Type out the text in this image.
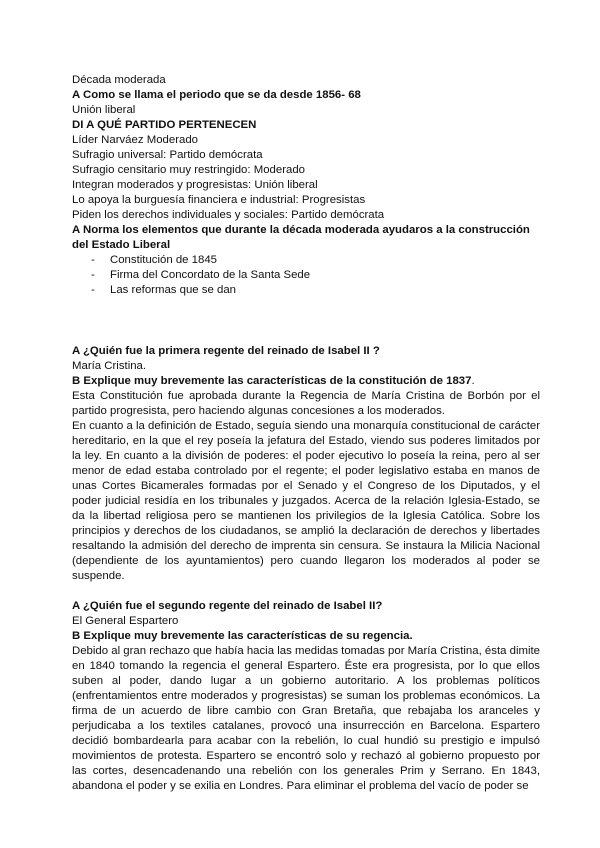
Década moderada

A Como se llama el periodo que se da desde 1856- 68

Unión liberal

DI A QUÉ PARTIDO PERTENECEN

Líder Narváez Moderado

Sufragio universal: Partido demócrata

Sufragio censitario muy restringido: Moderado

Integran moderados y progresistas: Unión liberal

Lo apoya la burguesía financiera e industrial: Progresistas

Piden los derechos individuales y sociales: Partido demócrata

A Norma los elementos que durante la década moderada ayudaros a la construcción

del Estado Liberal

- Constitución de 1845
- Firma del Concordato de la Santa Sede
- Las reformas que se dan

A ¿Quién fue la primera regente del reinado de Isabel II ?

María Cristina.

B Explique muy brevemente las características de la constitución de 1837.

Esta Constitución fue aprobada durante la Regencia de María Cristina de Borbón por el partido progresista, pero haciendo algunas concesiones a los moderados.

En cuanto a la definición de Estado, seguía siendo una monarquía constitucional de carácter hereditario, en la que el rey poseía la jefatura del Estado, viendo sus poderes limitados por la ley. En cuanto a la división de poderes: el poder ejecutivo lo poseía la reina, pero al ser menor de edad estaba controlado por el regente; el poder legislativo estaba en manos de unas Cortes Bicamerales formadas por el Senado y el Congreso de los Diputados, y el poder judicial residía en los tribunales y juzgados. Acerca de la relación Iglesia-Estado, se da la libertad religiosa pero se mantienen los privilegios de la Iglesia Católica. Sobre los principios y derechos de los ciudadanos, se amplió la declaración de derechos y libertades resaltando la admisión del derecho de imprenta sin censura. Se instaura la Milicia Nacional (dependiente de los ayuntamientos) pero cuando llegaron los moderados al poder se suspende.

A ¿Quién fue el segundo regente del reinado de Isabel II?

El General Espartero

B Explique muy brevemente las características de su regencia.

Debido al gran rechazo que había hacia las medidas tomadas por María Cristina, ésta dimite en 1840 tomando la regencia el general Espartero. Éste era progresista, por lo que ellos suben al poder, dando lugar a un gobierno autoritario. A los problemas políticos (enfrentamientos entre moderados y progresistas) se suman los problemas económicos. La firma de un acuerdo de libre cambio con Gran Bretaña, que rebajaba los aranceles y perjudicaba a los textiles catalanes, provocó una insurrección en Barcelona. Espartero decidió bombardearla para acabar con la rebelión, lo cual hundió su prestigio e impulsó movimientos de protesta. Espartero se encontró solo y rechazó al gobierno propuesto por las cortes, desencadenando una rebelión con los generales Prim y Serrano. En 1843, abandona el poder y se exilia en Londres. Para eliminar el problema del vacío de poder se
